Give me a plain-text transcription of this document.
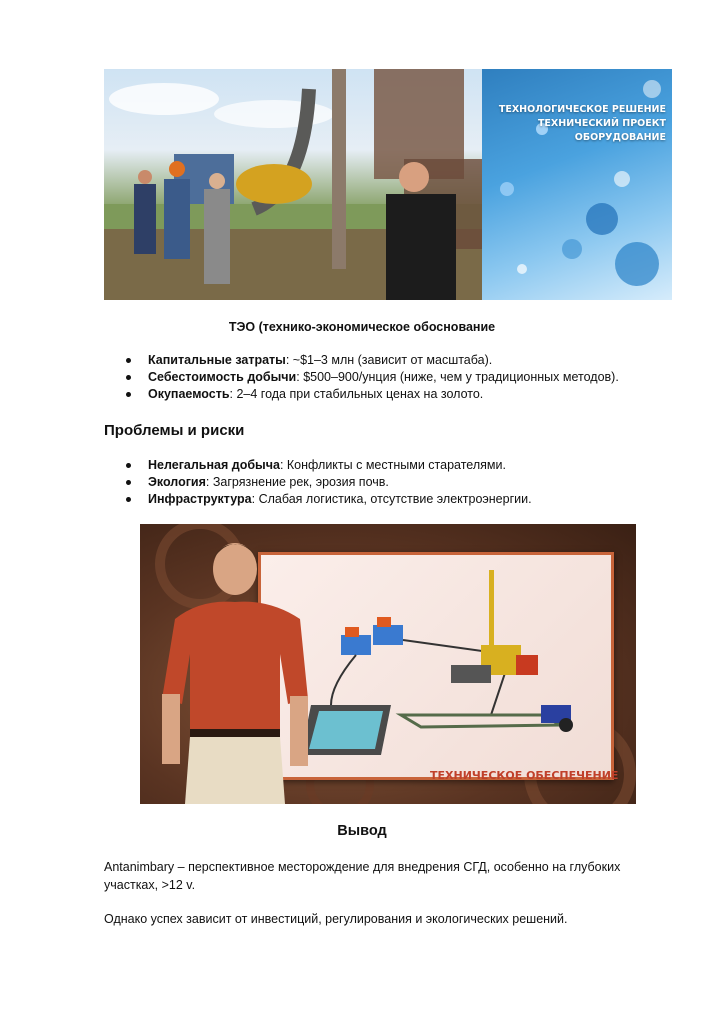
ТЕХНОЛОГИЧЕСКОЕ РЕШЕНИЕ
ТЕХНИЧЕСКИЙ ПРОЕКТ
ОБОРУДОВАНИЕ
ТЭО (технико-экономическое обоснование
Капитальные затраты: ~$1–3 млн (зависит от масштаба).
Себестоимость добычи: $500–900/унция (ниже, чем у традиционных методов).
Окупаемость: 2–4 года при стабильных ценах на золото.
Проблемы и риски
Нелегальная добыча: Конфликты с местными старателями.
Экология: Загрязнение рек, эрозия почв.
Инфраструктура: Слабая логистика, отсутствие электроэнергии.
ТЕХНИЧЕСКОЕ ОБЕСПЕЧЕНИЕ
Вывод
Antanimbary – перспективное месторождение для внедрения СГД, особенно на глубоких участках, >12 v.
Однако успех зависит от инвестиций, регулирования и экологических решений.
